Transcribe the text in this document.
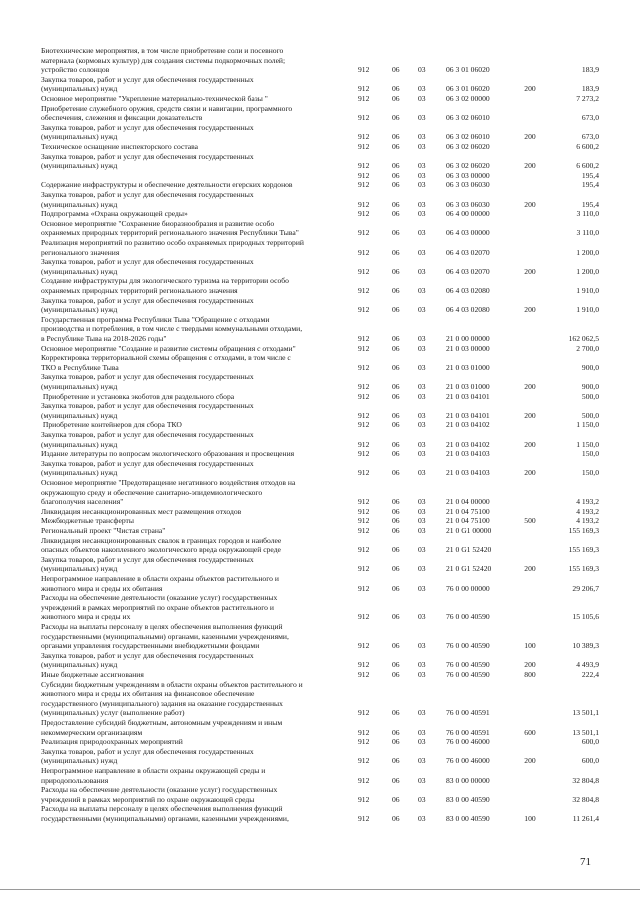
Биотехнические мероприятия, в том числе приобретение соли и посевного
материала (кормовых культур) для создания системы подкормочных полей;
устройство солонцов	912	06	03	06 3 01 06020	183,9
Закупка товаров, работ и услуг для обеспечения государственных
(муниципальных) нужд	912	06	03	06 3 01 06020	200	183,9
Основное мероприятие "Укрепление материально-технической базы "	912	06	03	06 3 02 00000	7 273,2
Приобретение служебного оружия, средств связи и навигации, программного
обеспечения, слежения и фиксации доказательств	912	06	03	06 3 02 06010	673,0
Закупка товаров, работ и услуг для обеспечения государственных
(муниципальных) нужд	912	06	03	06 3 02 06010	200	673,0
Техническое оснащение инспекторского состава	912	06	03	06 3 02 06020	6 600,2
Закупка товаров, работ и услуг для обеспечения государственных
(муниципальных) нужд	912	06	03	06 3 02 06020	200	6 600,2
912	06	03	06 3 03 00000	195,4
Содержание инфраструктуры и обеспечение деятельности егерских кордонов	912	06	03	06 3 03 06030	195,4
Закупка товаров, работ и услуг для обеспечения государственных
(муниципальных) нужд	912	06	03	06 3 03 06030	200	195,4
Подпрограмма «Охрана окружающей среды»	912	06	03	06 4 00 00000	3 110,0
Основное мероприятие "Сохранение биоразнообразия и развитие особо
охраняемых природных территорий регионального значения Республики Тыва"	912	06	03	06 4 03 00000	3 110,0
Реализация мероприятий по развитию особо охраняемых природных территорий
регионального значения	912	06	03	06 4 03 02070	1 200,0
Закупка товаров, работ и услуг для обеспечения государственных
(муниципальных) нужд	912	06	03	06 4 03 02070	200	1 200,0
Создание инфраструктуры для экологического туризма на территории особо
охраняемых природных территорий регионального значения	912	06	03	06 4 03 02080	1 910,0
Закупка товаров, работ и услуг для обеспечения государственных
(муниципальных) нужд	912	06	03	06 4 03 02080	200	1 910,0
Государственная программа Республики Тыва "Обращение с отходами
производства и потребления, в том числе с твердыми коммунальными отходами,
в Республике Тыва на 2018-2026 годы"	912	06	03	21 0 00 00000	162 062,5
Основное мероприятие "Создание и развитие системы обращения с отходами"	912	06	03	21 0 03 00000	2 700,0
Корректировка территориальной схемы обращения с отходами, в том числе с
ТКО в Республике Тыва	912	06	03	21 0 03 01000	900,0
Закупка товаров, работ и услуг для обеспечения государственных
(муниципальных) нужд	912	06	03	21 0 03 01000	200	900,0
Приобретение и установка экоботов для раздельного сбора	912	06	03	21 0 03 04101	500,0
Закупка товаров, работ и услуг для обеспечения государственных
(муниципальных) нужд	912	06	03	21 0 03 04101	200	500,0
Приобретение контейнеров для сбора ТКО	912	06	03	21 0 03 04102	1 150,0
Закупка товаров, работ и услуг для обеспечения государственных
(муниципальных) нужд	912	06	03	21 0 03 04102	200	1 150,0
Издание литературы по вопросам экологического образования и просвещения	912	06	03	21 0 03 04103	150,0
Закупка товаров, работ и услуг для обеспечения государственных
(муниципальных) нужд	912	06	03	21 0 03 04103	200	150,0
Основное мероприятие "Предотвращение негативного воздействия отходов на
окружающую среду и обеспечение санитарно-эпидемиологического
благополучия населения"	912	06	03	21 0 04 00000	4 193,2
Ликвидация несанкционированных мест размещения отходов	912	06	03	21 0 04 75100	4 193,2
Межбюджетные трансферты	912	06	03	21 0 04 75100	500	4 193,2
Региональный проект "Чистая страна"	912	06	03	21 0 G1 00000	155 169,3
Ликвидация несанкционированных свалок в границах городов и наиболее
опасных объектов накопленного экологического вреда окружающей среде	912	06	03	21 0 G1 52420	155 169,3
Закупка товаров, работ и услуг для обеспечения государственных
(муниципальных) нужд	912	06	03	21 0 G1 52420	200	155 169,3
Непрограммное направление в области охраны объектов растительного и
животного мира и среды их обитания	912	06	03	76 0 00 00000	29 206,7
Расходы на обеспечение деятельности (оказание услуг) государственных
учреждений в рамках мероприятий по охране объектов растительного и
животного мира и среды их	912	06	03	76 0 00 40590	15 105,6
Расходы на выплаты персоналу в целях обеспечения выполнения функций
государственными (муниципальными) органами, казенными учреждениями,
органами управления государственными внебюджетными фондами	912	06	03	76 0 00 40590	100	10 389,3
Закупка товаров, работ и услуг для обеспечения государственных
(муниципальных) нужд	912	06	03	76 0 00 40590	200	4 493,9
Иные бюджетные ассигнования	912	06	03	76 0 00 40590	800	222,4
Субсидии бюджетным учреждениям в области охраны объектов растительного и
животного мира и среды их обитания на финансовое обеспечение
государственного (муниципального) задания на оказание государственных
(муниципальных) услуг (выполнение работ)	912	06	03	76 0 00 40591	13 501,1
Предоставление субсидий бюджетным, автономным учреждениям и иным
некоммерческим организациям	912	06	03	76 0 00 40591	600	13 501,1
Реализация природоохранных мероприятий	912	06	03	76 0 00 46000	600,0
Закупка товаров, работ и услуг для обеспечения государственных
(муниципальных) нужд	912	06	03	76 0 00 46000	200	600,0
Непрограммное направление в области охраны окружающей среды и
природопользования	912	06	03	83 0 00 00000	32 804,8
Расходы на обеспечение деятельности (оказание услуг) государственных
учреждений в рамках мероприятий по охране окружающей среды	912	06	03	83 0 00 40590	32 804,8
Расходы на выплаты персоналу в целях обеспечения выполнения функций
государственными (муниципальными) органами, казенными учреждениями,	912	06	03	83 0 00 40590	100	11 261,4
71
